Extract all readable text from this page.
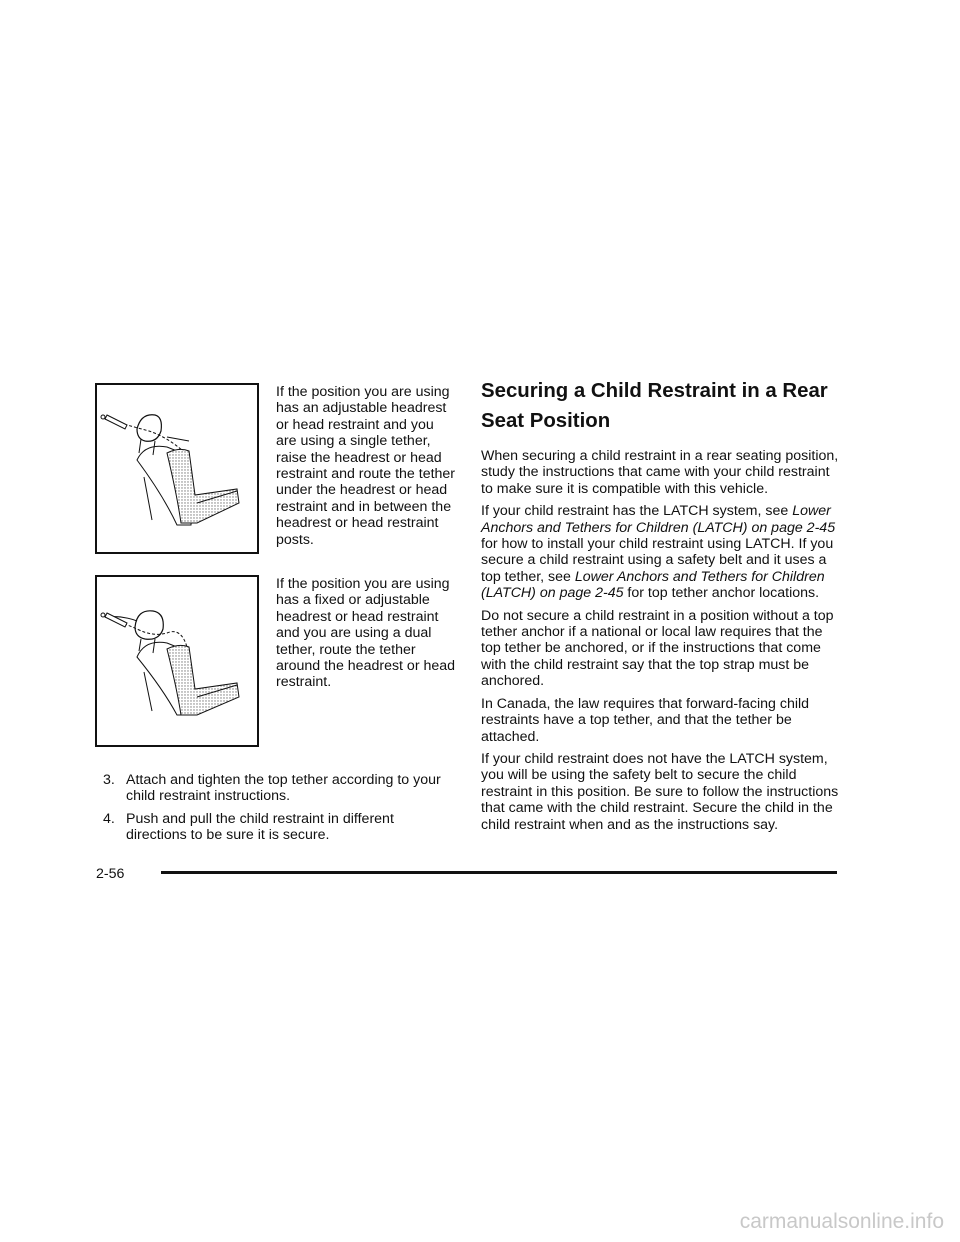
If the position you are using has an adjustable headrest or head restraint and you are using a single tether, raise the headrest or head restraint and route the tether under the headrest or head restraint and in between the headrest or head restraint posts.
If the position you are using has a fixed or adjustable headrest or head restraint and you are using a dual tether, route the tether around the headrest or head restraint.
3. Attach and tighten the top tether according to your child restraint instructions.
4. Push and pull the child restraint in different directions to be sure it is secure.
Securing a Child Restraint in a Rear Seat Position

When securing a child restraint in a rear seating position, study the instructions that came with your child restraint to make sure it is compatible with this vehicle.

If your child restraint has the LATCH system, see Lower Anchors and Tethers for Children (LATCH) on page 2-45 for how to install your child restraint using LATCH. If you secure a child restraint using a safety belt and it uses a top tether, see Lower Anchors and Tethers for Children (LATCH) on page 2-45 for top tether anchor locations.

Do not secure a child restraint in a position without a top tether anchor if a national or local law requires that the top tether be anchored, or if the instructions that come with the child restraint say that the top strap must be anchored.

In Canada, the law requires that forward-facing child restraints have a top tether, and that the tether be attached.

If your child restraint does not have the LATCH system, you will be using the safety belt to secure the child restraint in this position. Be sure to follow the instructions that came with the child restraint. Secure the child in the child restraint when and as the instructions say.

2-56
carmanualsonline.info
